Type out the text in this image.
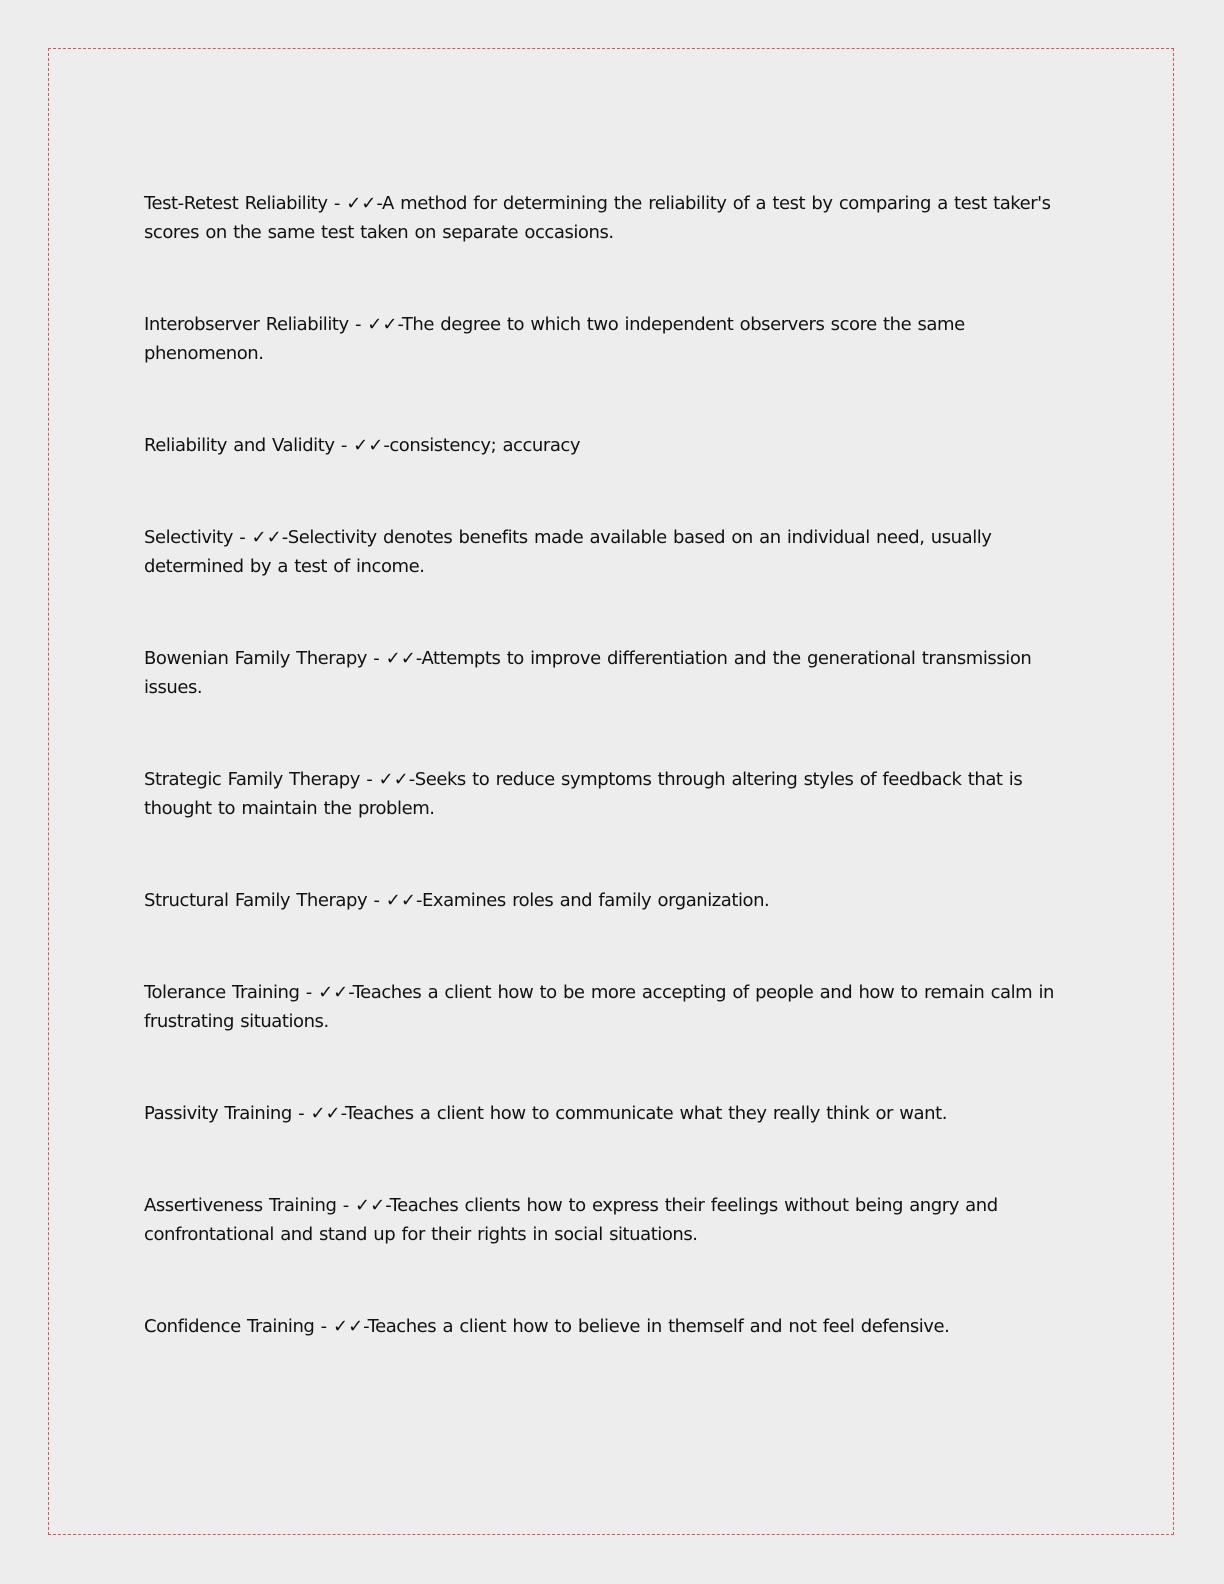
Test-Retest Reliability - ✓✓-A method for determining the reliability of a test by comparing a test taker's scores on the same test taken on separate occasions.

Interobserver Reliability - ✓✓-The degree to which two independent observers score the same phenomenon.

Reliability and Validity - ✓✓-consistency; accuracy

Selectivity - ✓✓-Selectivity denotes benefits made available based on an individual need, usually determined by a test of income.

Bowenian Family Therapy - ✓✓-Attempts to improve differentiation and the generational transmission issues.

Strategic Family Therapy - ✓✓-Seeks to reduce symptoms through altering styles of feedback that is thought to maintain the problem.

Structural Family Therapy - ✓✓-Examines roles and family organization.

Tolerance Training - ✓✓-Teaches a client how to be more accepting of people and how to remain calm in frustrating situations.

Passivity Training - ✓✓-Teaches a client how to communicate what they really think or want.

Assertiveness Training - ✓✓-Teaches clients how to express their feelings without being angry and confrontational and stand up for their rights in social situations.

Confidence Training - ✓✓-Teaches a client how to believe in themself and not feel defensive.
